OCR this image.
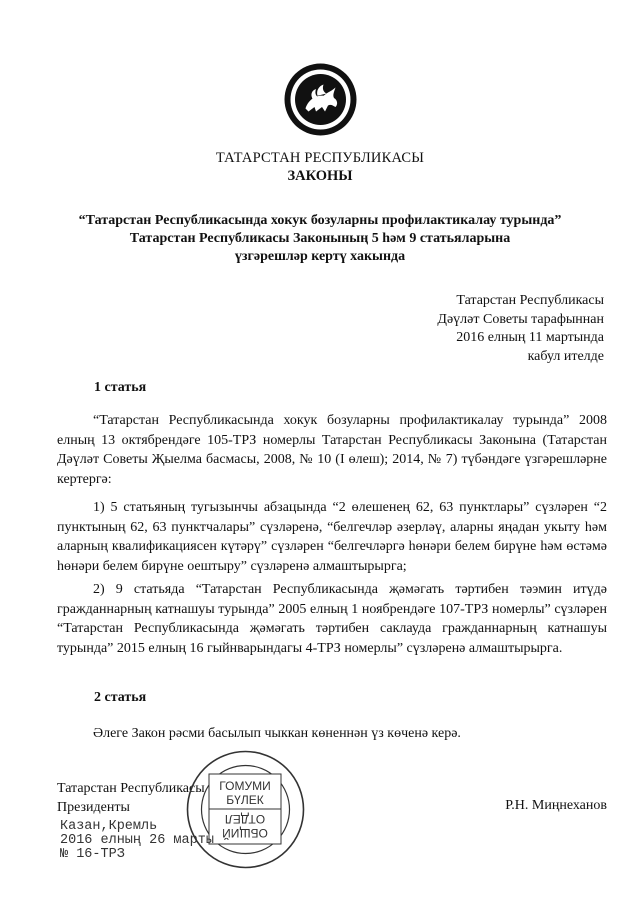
ТАТАРСТАН РЕСПУБЛИКАСЫ
ЗАКОНЫ
“Татарстан Республикасында хокук бозуларны профилактикалау турында”
Татарстан Республикасы Законының 5 һәм 9 статьяларына
үзгәрешләр кертү хакында
Татарстан Республикасы
Дәүләт Советы тарафыннан
2016 елның 11 мартында
кабул ителде
1 статья
“Татарстан Республикасында хокук бозуларны профилактикалау турында” 2008 елның 13 октябрендәге 105-ТРЗ номерлы Татарстан Республикасы Законына (Татарстан Дәүләт Советы Җыелма басмасы, 2008, № 10 (I өлеш); 2014, № 7) түбәндәге үзгәрешләрне кертергә:
1) 5 статьяның тугызынчы абзацында “2 өлешенең 62, 63 пунктлары” сүзләрен “2 пунктының 62, 63 пунктчалары” сүзләренә, “белгечләр әзерләү, аларны яңадан укыту һәм аларның квалификациясен күтәрү” сүзләрен “белгечләргә һөнәри белем бирүне һәм өстәмә һөнәри белем бирүне оештыру” сүзләренә алмаштырырга;
2) 9 статьяда “Татарстан Республикасында җәмәгать тәртибен тәэмин итүдә гражданнарның катнашуы турында” 2005 елның 1 ноябрендәге 107-ТРЗ номерлы” сүзләрен “Татарстан Республикасында җәмәгать тәртибен саклауда гражданнарның катнашуы турында” 2015 елның 16 гыйнварындагы 4-ТРЗ номерлы” сүзләренә алмаштырырга.
2 статья
Әлеге Закон рәсми басылып чыккан көненнән үз көченә керә.
Татарстан Республикасы
Президенты	Р.Н. Миңнеханов
ГОМУМИ
БҮЛЕК
ОТДЕЛ
ОБЩИЙ
Казан,Кремль
2016 елның 26 марты
№ 16-ТРЗ
